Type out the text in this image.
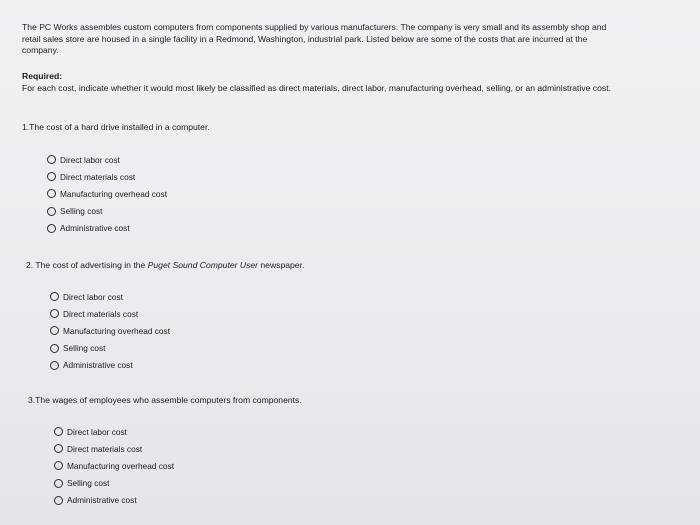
The PC Works assembles custom computers from components supplied by various manufacturers. The company is very small and its assembly shop and retail sales store are housed in a single facility in a Redmond, Washington, industrial park. Listed below are some of the costs that are incurred at the company.

Required:

For each cost, indicate whether it would most likely be classified as direct materials, direct labor, manufacturing overhead, selling, or an administrative cost.

1.The cost of a hard drive installed in a computer.

Direct labor cost
Direct materials cost
Manufacturing overhead cost
Selling cost
Administrative cost

2. The cost of advertising in the Puget Sound Computer User newspaper.

Direct labor cost
Direct materials cost
Manufacturing overhead cost
Selling cost
Administrative cost

3.The wages of employees who assemble computers from components.

Direct labor cost
Direct materials cost
Manufacturing overhead cost
Selling cost
Administrative cost
